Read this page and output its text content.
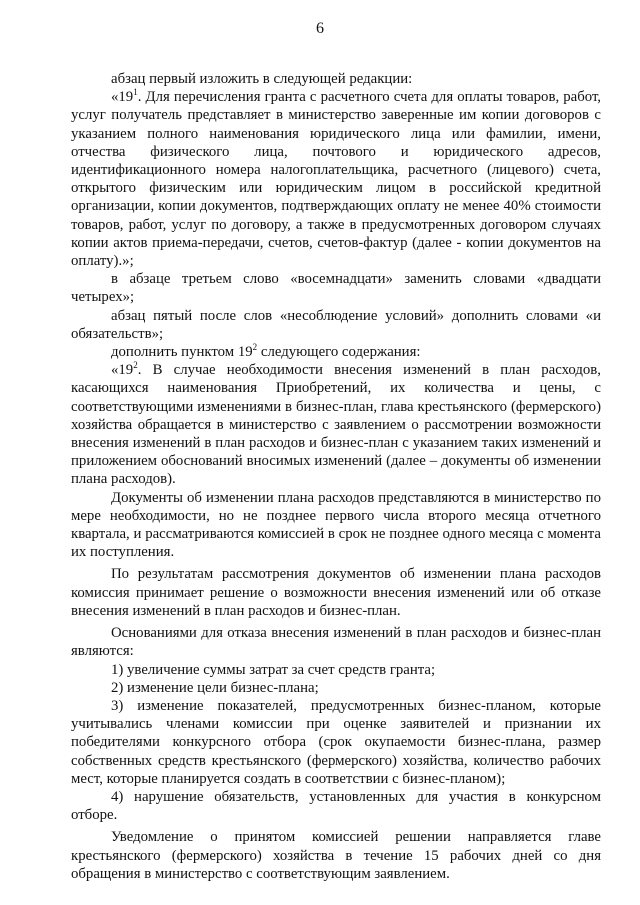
6

абзац первый изложить в следующей редакции:

«$19^1$. Для перечисления гранта с расчетного счета для оплаты товаров, работ, услуг получатель представляет в министерство заверенные им копии договоров с указанием полного наименования юридического лица или фамилии, имени, отчества физического лица, почтового и юридического адресов, идентификационного номера налогоплательщика, расчетного (лицевого) счета, открытого физическим или юридическим лицом в российской кредитной организации, копии документов, подтверждающих оплату не менее 40% стоимости товаров, работ, услуг по договору, а также в предусмотренных договором случаях копии актов приема-передачи, счетов, счетов-фактур (далее - копии документов на оплату).»;

в абзаце третьем слово «восемнадцати» заменить словами «двадцати четырех»;

абзац пятый после слов «несоблюдение условий» дополнить словами «и обязательств»;

дополнить пунктом $19^2$ следующего содержания:

«$19^2$. В случае необходимости внесения изменений в план расходов, касающихся наименования Приобретений, их количества и цены, с соответствующими изменениями в бизнес-план, глава крестьянского (фермерского) хозяйства обращается в министерство с заявлением о рассмотрении возможности внесения изменений в план расходов и бизнес-план с указанием таких изменений и приложением обоснований вносимых изменений (далее – документы об изменении плана расходов).

Документы об изменении плана расходов представляются в министерство по мере необходимости, но не позднее первого числа второго месяца отчетного квартала, и рассматриваются комиссией в срок не позднее одного месяца с момента их поступления.

По результатам рассмотрения документов об изменении плана расходов комиссия принимает решение о возможности внесения изменений или об отказе внесения изменений в план расходов и бизнес-план.

Основаниями для отказа внесения изменений в план расходов и бизнес-план являются:

1) увеличение суммы затрат за счет средств гранта;

2) изменение цели бизнес-плана;

3) изменение показателей, предусмотренных бизнес-планом, которые учитывались членами комиссии при оценке заявителей и признании их победителями конкурсного отбора (срок окупаемости бизнес-плана, размер собственных средств крестьянского (фермерского) хозяйства, количество рабочих мест, которые планируется создать в соответствии с бизнес-планом);

4) нарушение обязательств, установленных для участия в конкурсном отборе.

Уведомление о принятом комиссией решении направляется главе крестьянского (фермерского) хозяйства в течение 15 рабочих дней со дня обращения в министерство с соответствующим заявлением.
